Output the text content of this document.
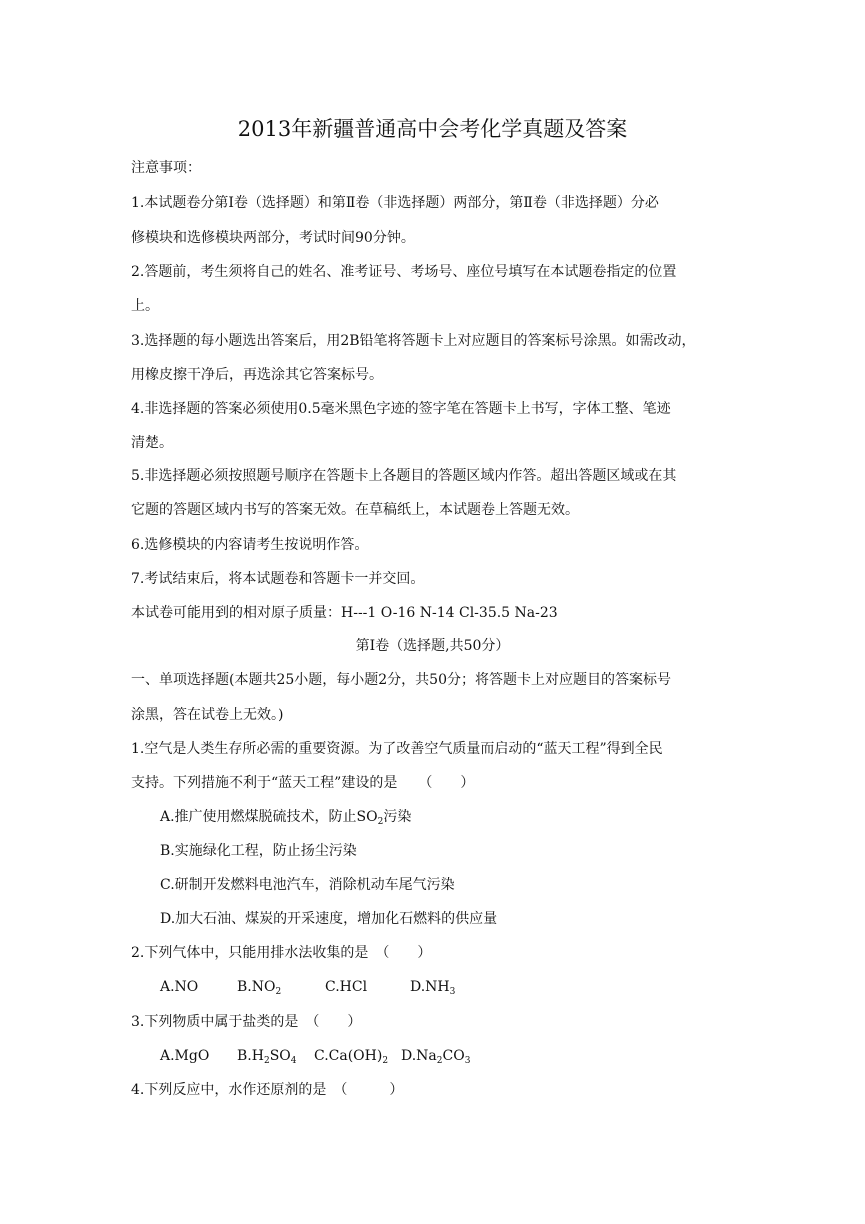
2013年新疆普通高中会考化学真题及答案
注意事项：
1.本试题卷分第Ⅰ卷（选择题）和第Ⅱ卷（非选择题）两部分，第Ⅱ卷（非选择题）分必
修模块和选修模块两部分，考试时间90分钟。
2.答题前，考生须将自己的姓名、准考证号、考场号、座位号填写在本试题卷指定的位置
上。
3.选择题的每小题选出答案后，用2B铅笔将答题卡上对应题目的答案标号涂黑。如需改动，
用橡皮擦干净后，再选涂其它答案标号。
4.非选择题的答案必须使用0.5毫米黑色字迹的签字笔在答题卡上书写，字体工整、笔迹
清楚。
5.非选择题必须按照题号顺序在答题卡上各题目的答题区域内作答。超出答题区域或在其
它题的答题区域内书写的答案无效。在草稿纸上，本试题卷上答题无效。
6.选修模块的内容请考生按说明作答。
7.考试结束后，将本试题卷和答题卡一并交回。
本试卷可能用到的相对原子质量：H---1 O-16 N-14 Cl-35.5 Na-23
第Ⅰ卷（选择题,共50分）
一、单项选择题(本题共25小题，每小题2分，共50分；将答题卡上对应题目的答案标号
涂黑，答在试卷上无效。)
1.空气是人类生存所必需的重要资源。为了改善空气质量而启动的“蓝天工程”得到全民
支持。下列措施不利于“蓝天工程”建设的是　　（　　）
A.推广使用燃煤脱硫技术，防止$SO_2$污染
B.实施绿化工程，防止扬尘污染
C.研制开发燃料电池汽车，消除机动车尾气污染
D.加大石油、煤炭的开采速度，增加化石燃料的供应量
2.下列气体中，只能用排水法收集的是　（　　）
A.NO	$B.NO_2$	C.HCl	$D.NH_3$
3.下列物质中属于盐类的是　（　　）
A.MgO $B.H_2SO_4$ $C.Ca(OH)_2$ $D.Na_2CO_3$
4.下列反应中，水作还原剂的是　（　　　）
